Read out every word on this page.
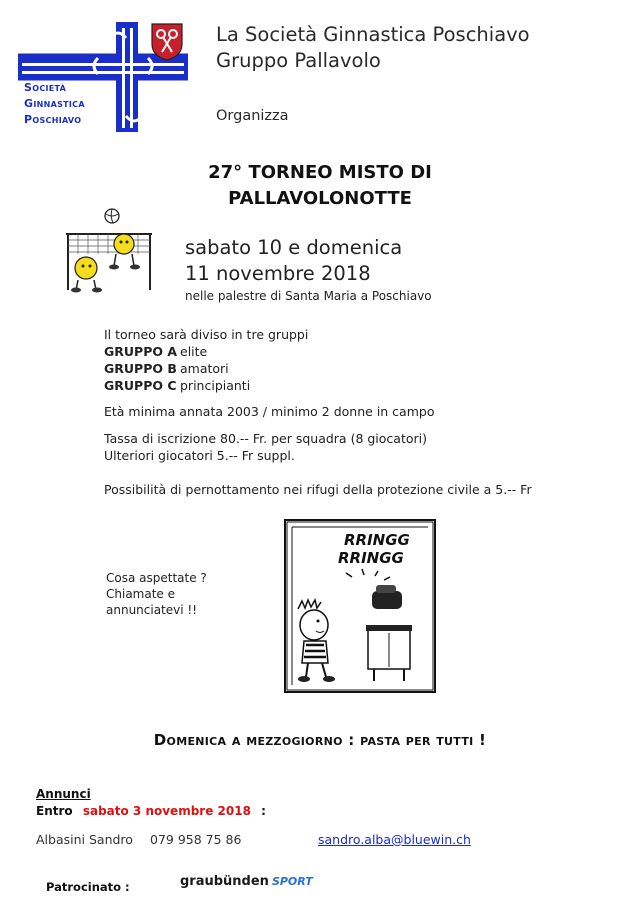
Società
Ginnastica
Poschiavo
La Società Ginnastica Poschiavo
Gruppo Pallavolo
Organizza
27° TORNEO MISTO DI
PALLAVOLONOTTE
sabato 10 e domenica
11 novembre 2018
nelle palestre di Santa Maria a Poschiavo
Il torneo sarà diviso in tre gruppi
GRUPPO A elite
GRUPPO B amatori
GRUPPO C principianti
Età minima annata 2003 / minimo 2 donne in campo
Tassa di iscrizione 80.-- Fr. per squadra (8 giocatori)
Ulteriori giocatori 5.-- Fr suppl.
Possibilità di pernottamento nei rifugi della protezione civile a 5.-- Fr
RRINGG
RRINGG
Cosa aspettate ?
Chiamate e
annunciatevi !!
Domenica a mezzogiorno : pasta per tutti !
Annunci
Entro sabato 3 novembre 2018 :
Albasini Sandro 079 958 75 86	sandro.alba@bluewin.ch
Patrocinato :	graubünden SPORT
